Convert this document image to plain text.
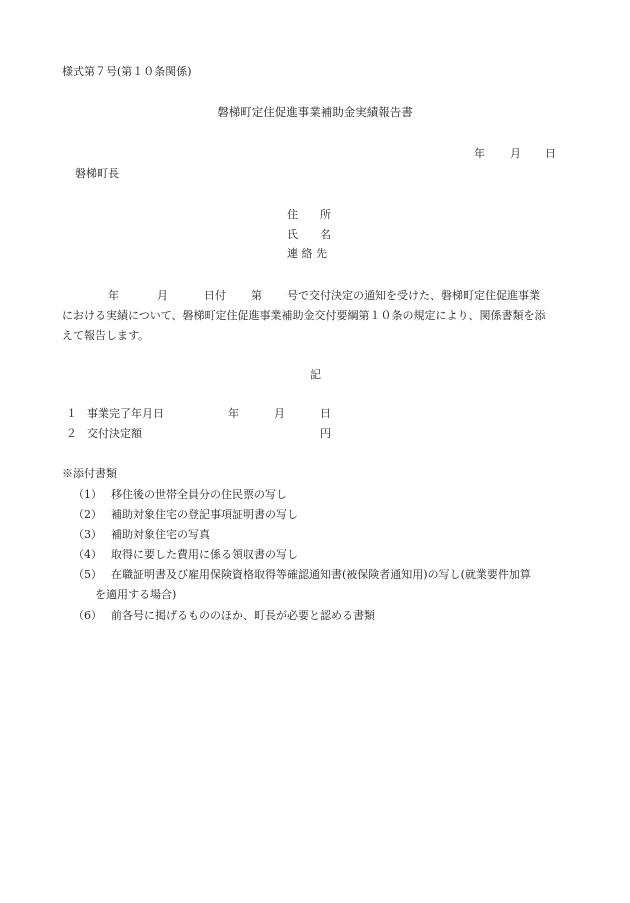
様式第７号(第１０条関係)
磐梯町定住促進事業補助金実績報告書
年 月 日
磐梯町長
住　　所
氏　　名
連 絡 先
年	月	日付 第 号で交付決定の通知を受けた、磐梯町定住促進事業
における実績について、磐梯町定住促進事業補助金交付要綱第１０条の規定により、関係書類を添
えて報告します。
記
１ 事業完了年月日	年	月	日
２ 交付決定額	円
※添付書類
（1） 移住後の世帯全員分の住民票の写し
（2） 補助対象住宅の登記事項証明書の写し
（3） 補助対象住宅の写真
（4） 取得に要した費用に係る領収書の写し
（5） 在職証明書及び雇用保険資格取得等確認通知書(被保険者通知用)の写し(就業要件加算
を適用する場合)
（6） 前各号に掲げるもののほか、町長が必要と認める書類
